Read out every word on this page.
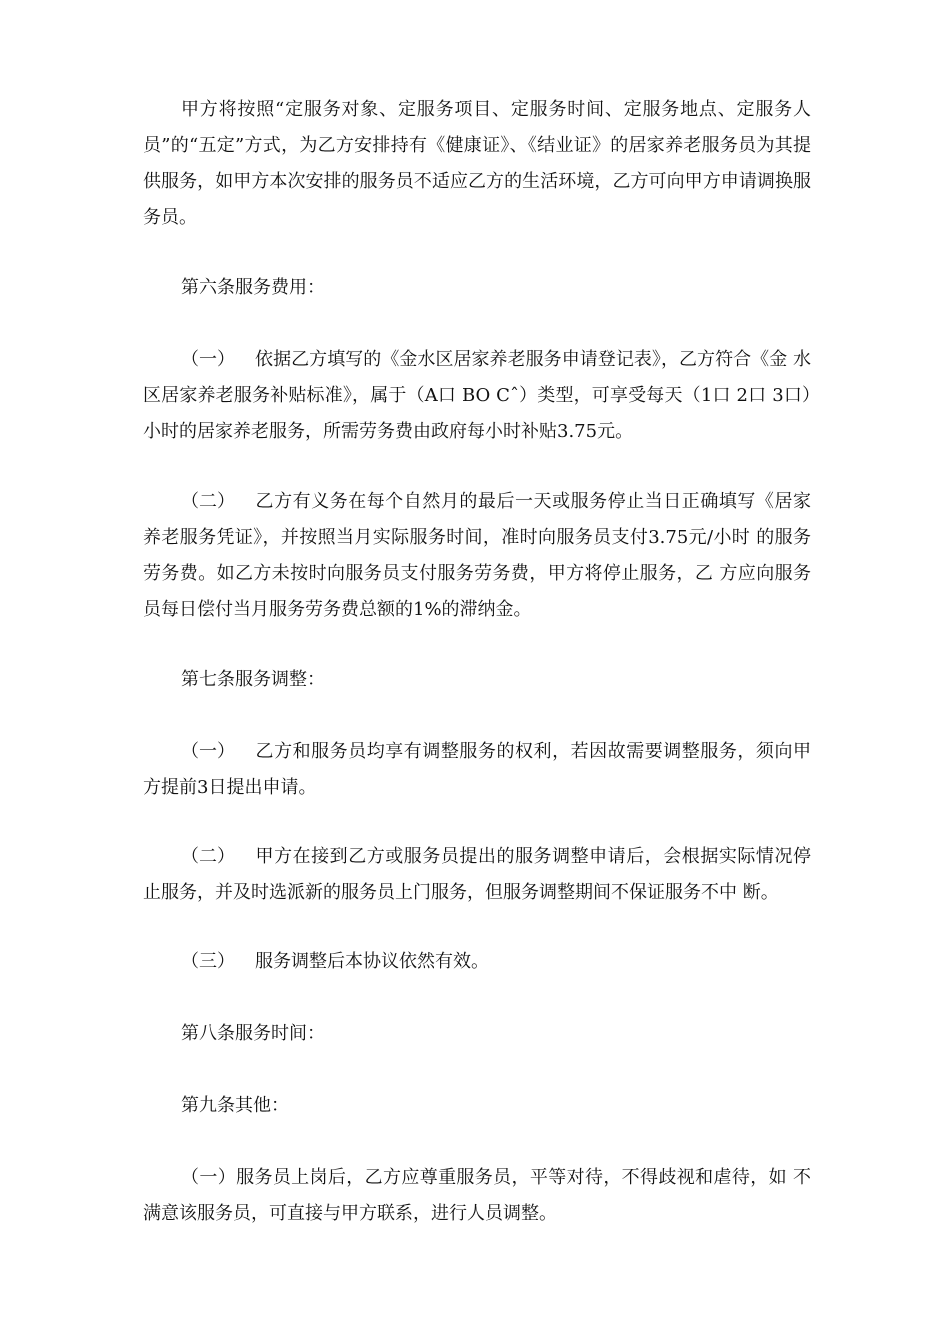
甲方将按照“定服务对象、定服务项目、定服务时间、定服务地点、定服务人员”的“五定”方式，为乙方安排持有《健康证》、《结业证》的居家养老服务员为其提供服务，如甲方本次安排的服务员不适应乙方的生活环境，乙方可向甲方申请调换服务员。

第六条服务费用：

（一） 依据乙方填写的《金水区居家养老服务申请登记表》，乙方符合《金 水区居家养老服务补贴标准》，属于（A口 BO Cˆ）类型，可享受每天（1口 2口 3口）小时的居家养老服务，所需劳务费由政府每小时补贴3.75元。

（二） 乙方有义务在每个自然月的最后一天或服务停止当日正确填写《居家 养老服务凭证》，并按照当月实际服务时间，准时向服务员支付3.75元/小时 的服务劳务费。如乙方未按时向服务员支付服务劳务费，甲方将停止服务，乙 方应向服务员每日偿付当月服务劳务费总额的1%的滞纳金。

第七条服务调整：

（一） 乙方和服务员均享有调整服务的权利，若因故需要调整服务，须向甲 方提前3日提出申请。

（二） 甲方在接到乙方或服务员提出的服务调整申请后，会根据实际情况停 止服务，并及时选派新的服务员上门服务，但服务调整期间不保证服务不中 断。

（三） 服务调整后本协议依然有效。

第八条服务时间：

第九条其他：

（一）服务员上岗后，乙方应尊重服务员，平等对待，不得歧视和虐待，如 不满意该服务员，可直接与甲方联系，进行人员调整。
